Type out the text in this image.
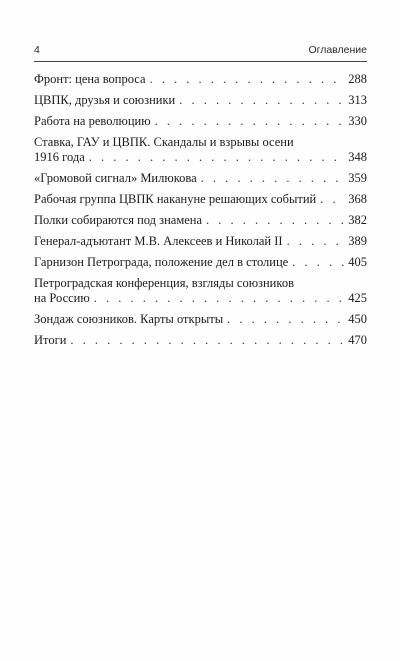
4	Оглавление
Фронт: цена вопроса . . .	288
ЦВПК, друзья и союзники . . .	313
Работа на революцию . . .	330
Ставка, ГАУ и ЦВПК. Скандалы и взрывы осени
1916 года . . .	348
«Громовой сигнал» Милюкова . . .	359
Рабочая группа ЦВПК накануне решающих событий . . .	368
Полки собираются под знамена . . .	382
Генерал-адъютант М.В. Алексеев и Николай II . . .	389
Гарнизон Петрограда, положение дел в столице . . .	405
Петроградская конференция, взгляды союзников
на Россию . . .	425
Зондаж союзников. Карты открыты . . .	450
Итоги . . .	470
